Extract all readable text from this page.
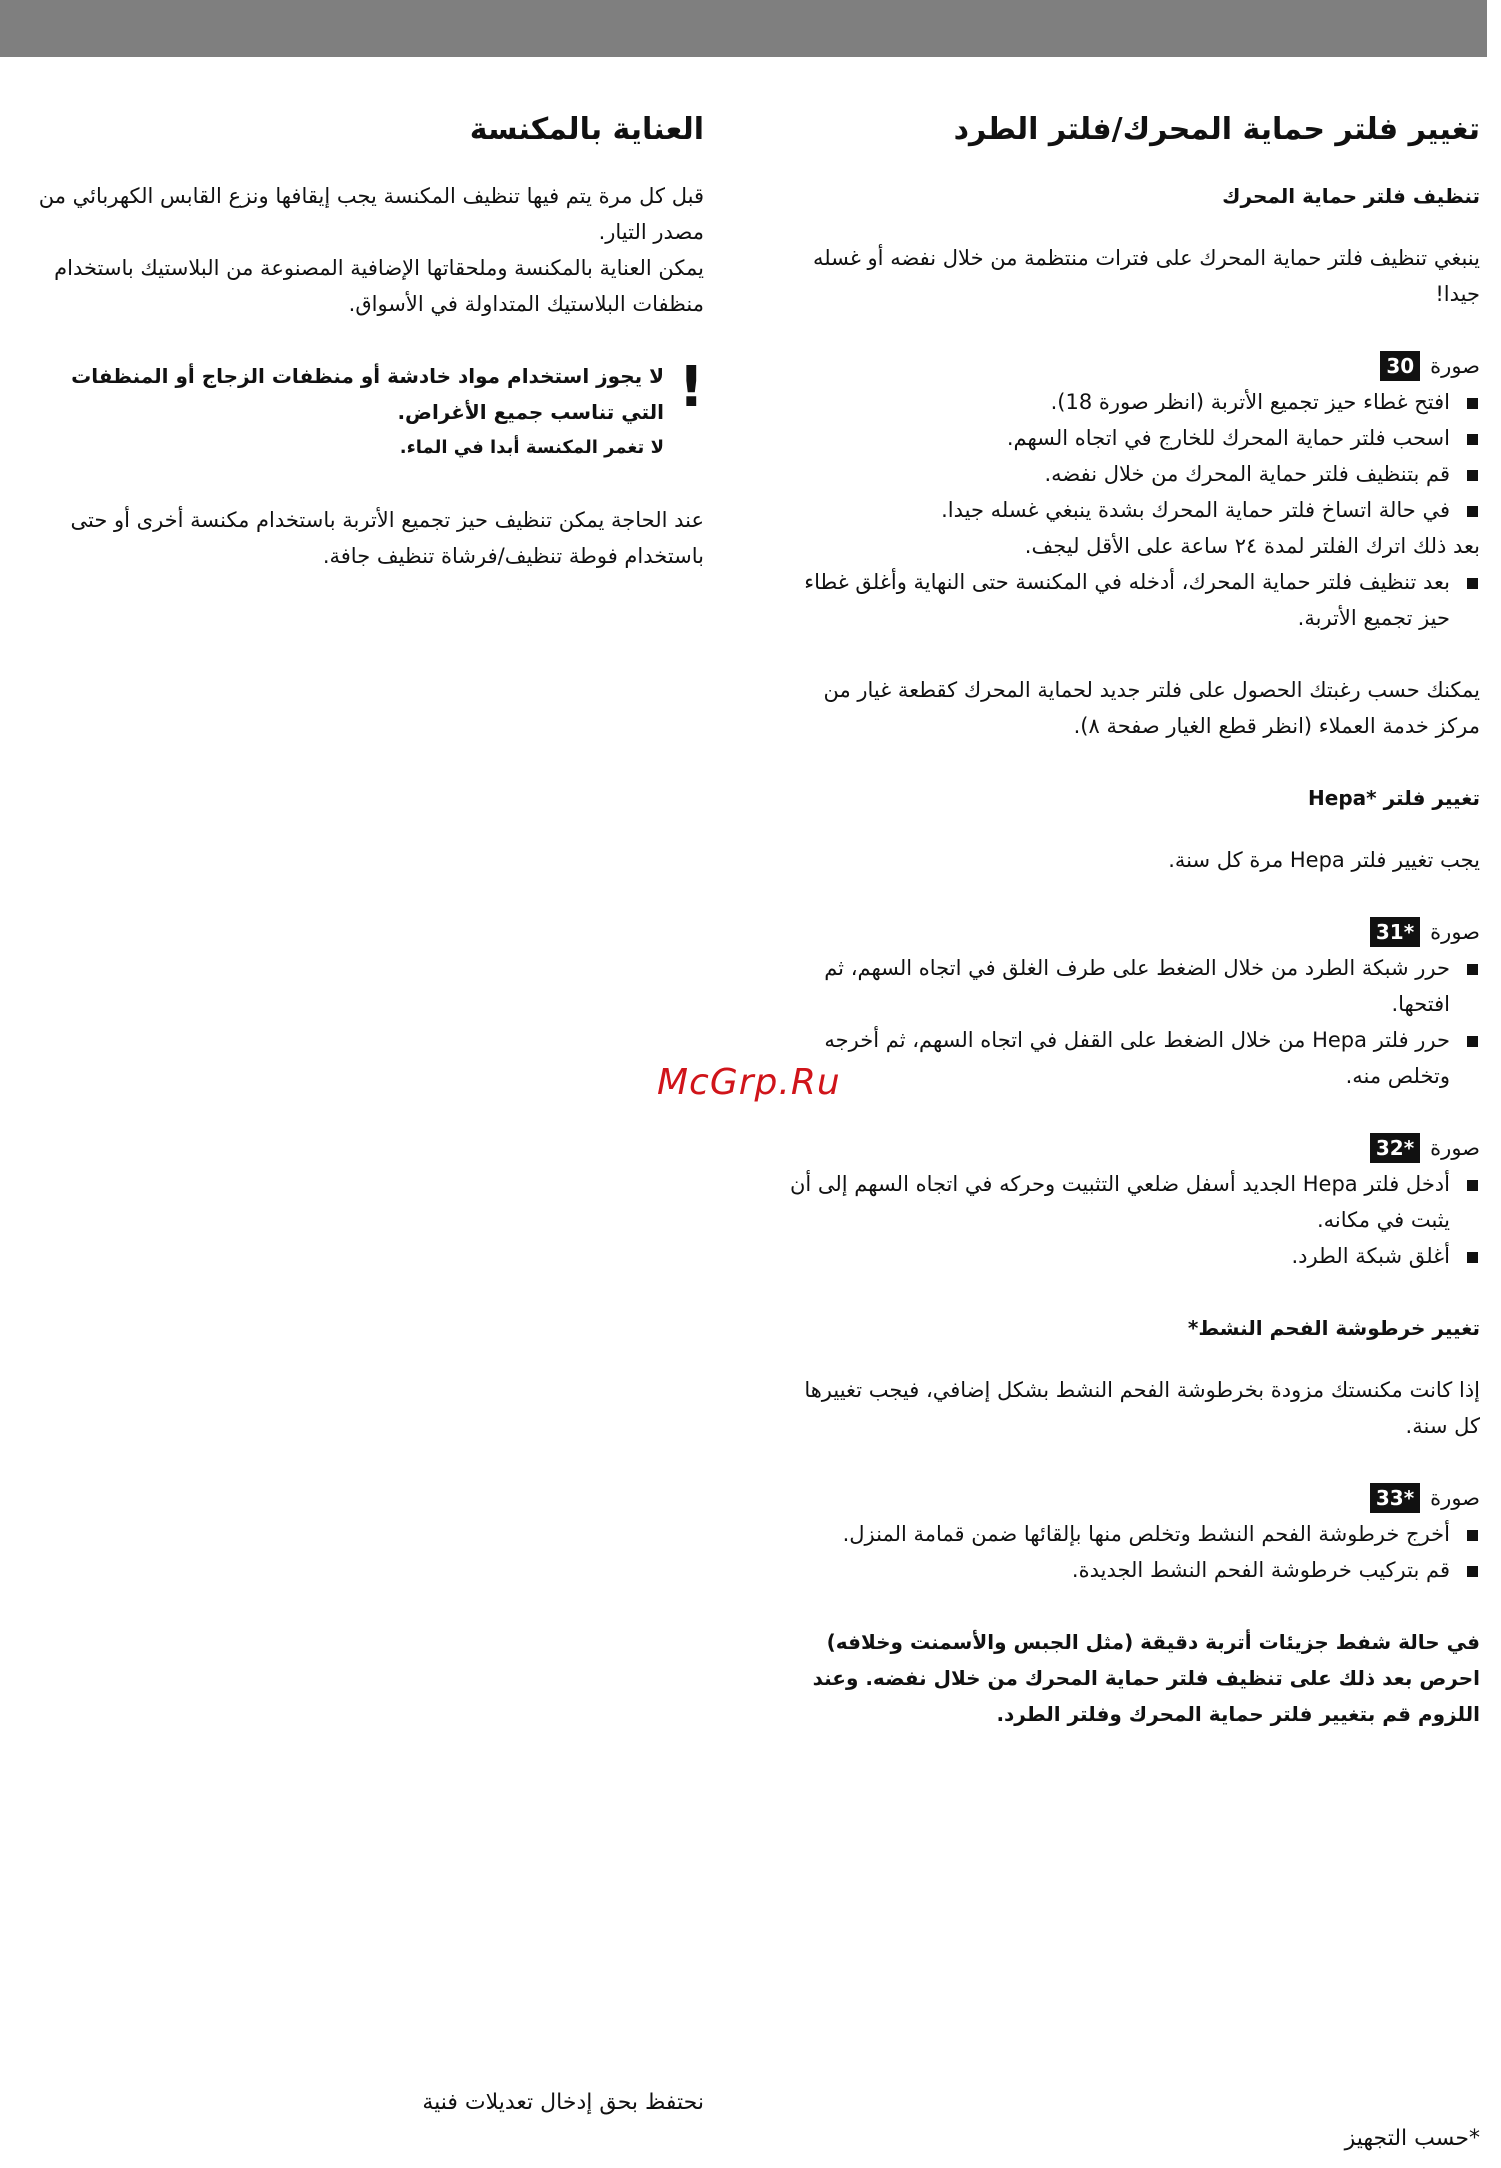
تغيير فلتر حماية المحرك/فلتر الطرد
تنظيف فلتر حماية المحرك
ينبغي تنظيف فلتر حماية المحرك على فترات منتظمة من خلال نفضه أو غسله جيدا!
صورة
30
افتح غطاء حيز تجميع الأتربة (انظر صورة 18).
اسحب فلتر حماية المحرك للخارج في اتجاه السهم.
قم بتنظيف فلتر حماية المحرك من خلال نفضه.
في حالة اتساخ فلتر حماية المحرك بشدة ينبغي غسله جيدا.
بعد ذلك اترك الفلتر لمدة ٢٤ ساعة على الأقل ليجف.
بعد تنظيف فلتر حماية المحرك، أدخله في المكنسة حتى النهاية وأغلق غطاء حيز تجميع الأتربة.
يمكنك حسب رغبتك الحصول على فلتر جديد لحماية المحرك كقطعة غيار من مركز خدمة العملاء (انظر قطع الغيار صفحة ٨).
تغيير فلتر *Hepa
يجب تغيير فلتر Hepa مرة كل سنة.
صورة
31*
حرر شبكة الطرد من خلال الضغط على طرف الغلق في اتجاه السهم، ثم افتحها.
حرر فلتر Hepa من خلال الضغط على القفل في اتجاه السهم، ثم أخرجه وتخلص منه.
صورة
32*
أدخل فلتر Hepa الجديد أسفل ضلعي التثبيت وحركه في اتجاه السهم إلى أن يثبت في مكانه.
أغلق شبكة الطرد.
تغيير خرطوشة الفحم النشط*
إذا كانت مكنستك مزودة بخرطوشة الفحم النشط بشكل إضافي، فيجب تغييرها كل سنة.
صورة
33*
أخرج خرطوشة الفحم النشط وتخلص منها بإلقائها ضمن قمامة المنزل.
قم بتركيب خرطوشة الفحم النشط الجديدة.
في حالة شفط جزيئات أتربة دقيقة (مثل الجبس والأسمنت وخلافه) احرص بعد ذلك على تنظيف فلتر حماية المحرك من خلال نفضه. وعند اللزوم قم بتغيير فلتر حماية المحرك وفلتر الطرد.
العناية بالمكنسة
قبل كل مرة يتم فيها تنظيف المكنسة يجب إيقافها ونزع القابس الكهربائي من مصدر التيار.
يمكن العناية بالمكنسة وملحقاتها الإضافية المصنوعة من البلاستيك باستخدام منظفات البلاستيك المتداولة في الأسواق.
!
لا يجوز استخدام مواد خادشة أو منظفات الزجاج أو المنظفات التي تناسب جميع الأغراض.
لا تغمر المكنسة أبدا في الماء.
عند الحاجة يمكن تنظيف حيز تجميع الأتربة باستخدام مكنسة أخرى أو حتى باستخدام فوطة تنظيف/فرشاة تنظيف جافة.
McGrp.Ru
نحتفظ بحق إدخال تعديلات فنية
*حسب التجهيز
